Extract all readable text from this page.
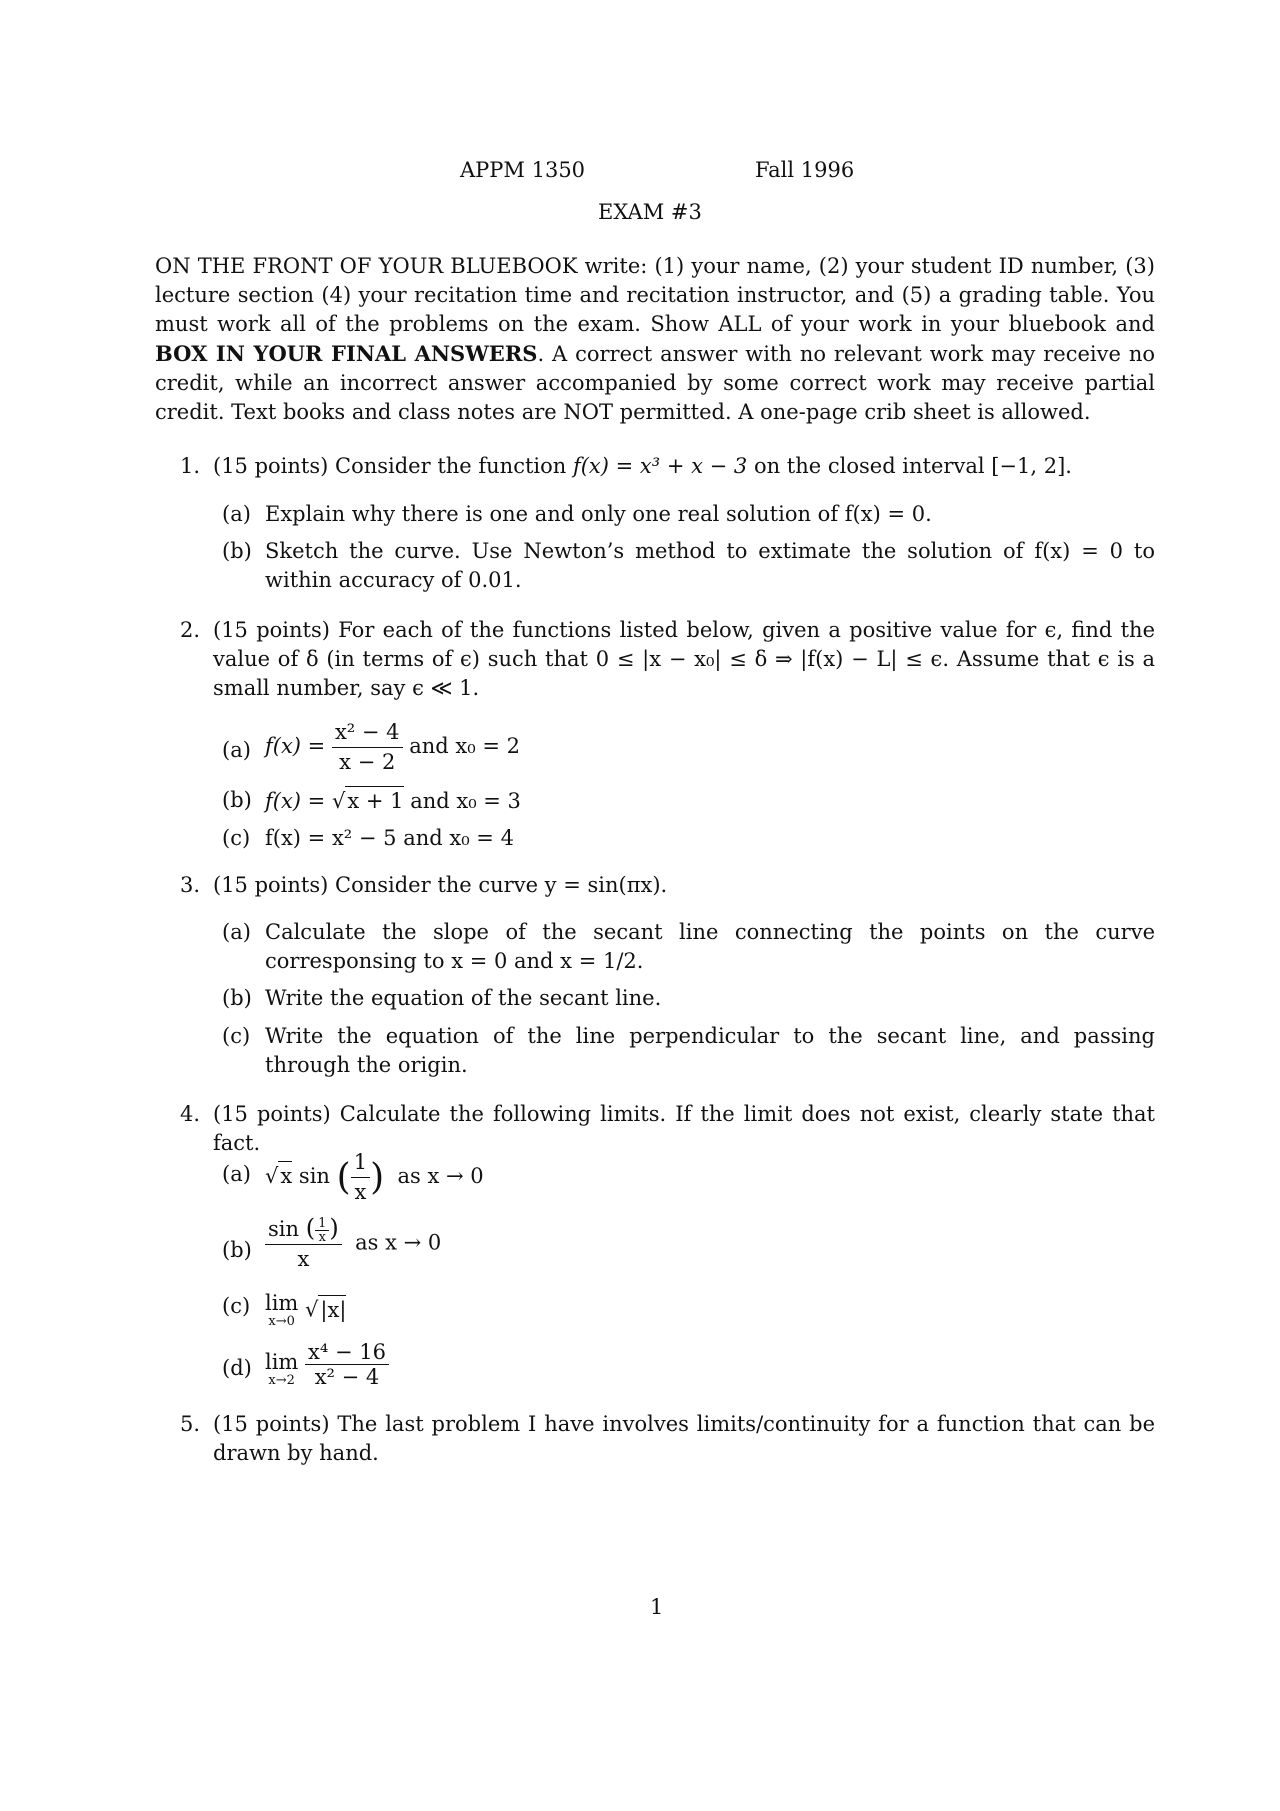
APPM 1350	Fall 1996
EXAM #3
ON THE FRONT OF YOUR BLUEBOOK write: (1) your name, (2) your student ID number, (3) lecture section (4) your recitation time and recitation instructor, and (5) a grading table. You must work all of the problems on the exam. Show ALL of your work in your bluebook and BOX IN YOUR FINAL ANSWERS. A correct answer with no relevant work may receive no credit, while an incorrect answer accompanied by some correct work may receive partial credit. Text books and class notes are NOT permitted. A one-page crib sheet is allowed.
1. (15 points) Consider the function f(x) = x³ + x − 3 on the closed interval [−1, 2].
(a) Explain why there is one and only one real solution of f(x) = 0.
(b) Sketch the curve. Use Newton’s method to extimate the solution of f(x) = 0 to within accuracy of 0.01.
2. (15 points) For each of the functions listed below, given a positive value for ϵ, find the value of δ (in terms of ϵ) such that 0 ≤ |x − x₀| ≤ δ ⇒ |f(x) − L| ≤ ϵ. Assume that ϵ is a small number, say ϵ ≪ 1.
(a) $f(x) = \frac{\text{x² − 4}}{x - 2}$ and x₀ = 2
(b) f(x) = √x + 1 and x₀ = 3
(c) f(x) = x² − 5 and x₀ = 4
3. (15 points) Consider the curve y = sin(πx).
(a) Calculate the slope of the secant line connecting the points on the curve corresponsing to x = 0 and x = 1/2.
(b) Write the equation of the secant line.
(c) Write the equation of the line perpendicular to the secant line, and passing through the origin.
4. (15 points) Calculate the following limits. If the limit does not exist, clearly state that fact.
(a) √x sin ( $\frac{1}{x}$ ) as x → 0
$(b) \frac{\sin ( \frac{1}{x} )}{x}$ as x → 0
(c) lim
x→0 √|x|
(d) lim
x→2
$\frac{\text{x⁴ − 16}}{\text{x² − 4}}$
5. (15 points) The last problem I have involves limits/continuity for a function that can be drawn by hand.
1
